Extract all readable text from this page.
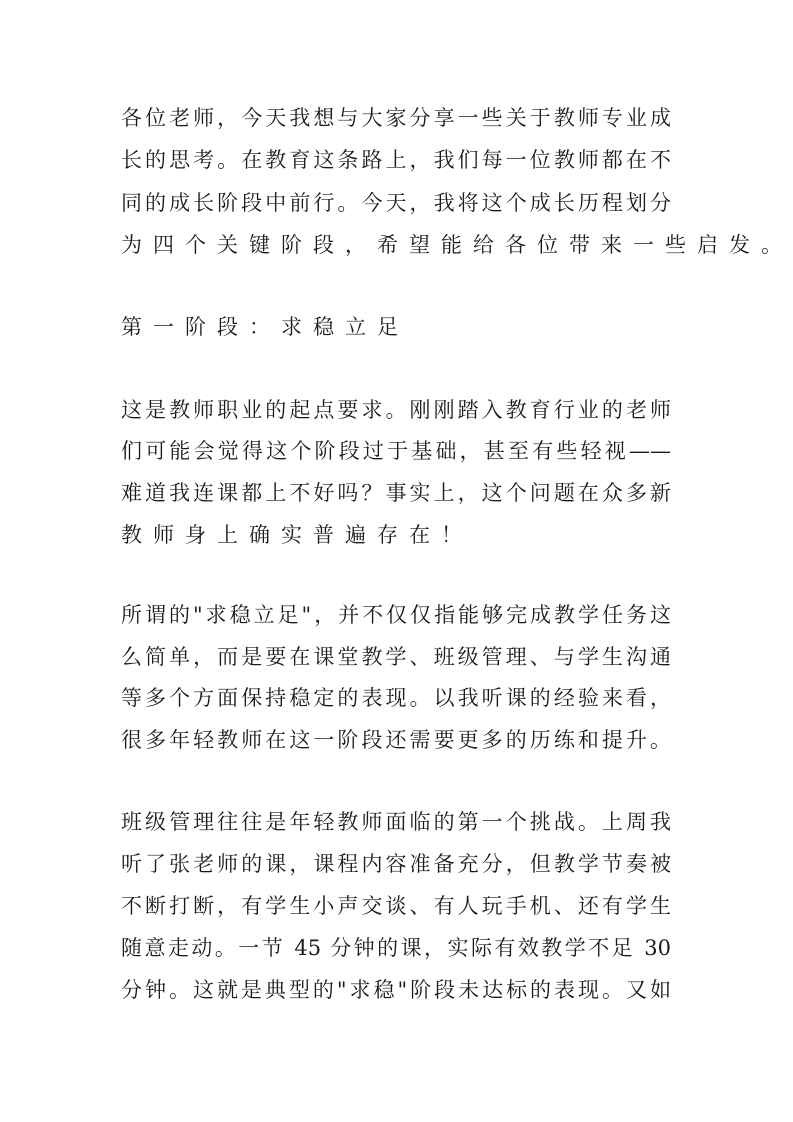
各位老师，今天我想与大家分享一些关于教师专业成
长的思考。在教育这条路上，我们每一位教师都在不
同的成长阶段中前行。今天，我将这个成长历程划分
为四个关键阶段，希望能给各位带来一些启发。
第一阶段：求稳立足
这是教师职业的起点要求。刚刚踏入教育行业的老师
们可能会觉得这个阶段过于基础，甚至有些轻视——
难道我连课都上不好吗？事实上，这个问题在众多新
教师身上确实普遍存在！
所谓的"求稳立足"，并不仅仅指能够完成教学任务这
么简单，而是要在课堂教学、班级管理、与学生沟通
等多个方面保持稳定的表现。以我听课的经验来看，
很多年轻教师在这一阶段还需要更多的历练和提升。
班级管理往往是年轻教师面临的第一个挑战。上周我
听了张老师的课，课程内容准备充分，但教学节奏被
不断打断，有学生小声交谈、有人玩手机、还有学生
随意走动。一节 45 分钟的课，实际有效教学不足 30
分钟。这就是典型的"求稳"阶段未达标的表现。又如
